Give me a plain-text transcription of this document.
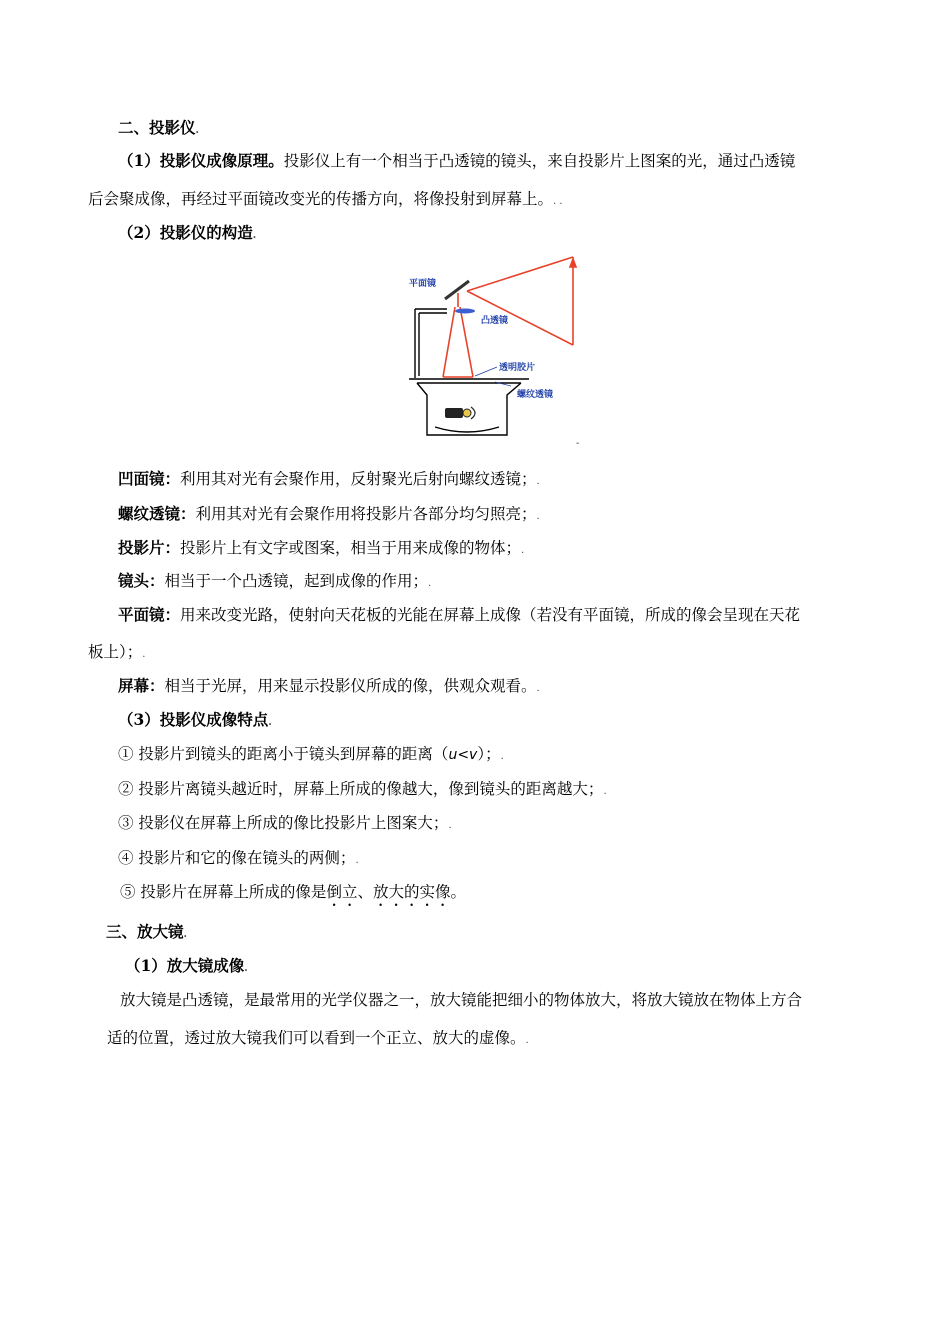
二、投影仪.
（1）投影仪成像原理。投影仪上有一个相当于凸透镜的镜头，来自投影片上图案的光，通过凸透镜
后会聚成像，再经过平面镜改变光的传播方向，将像投射到屏幕上。. .
（2）投影仪的构造.
平面镜
凸透镜
透明胶片
螺纹透镜
-
凹面镜：利用其对光有会聚作用，反射聚光后射向螺纹透镜；.
螺纹透镜：利用其对光有会聚作用将投影片各部分均匀照亮；.
投影片：投影片上有文字或图案，相当于用来成像的物体；.
镜头：相当于一个凸透镜，起到成像的作用；.
平面镜：用来改变光路，使射向天花板的光能在屏幕上成像（若没有平面镜，所成的像会呈现在天花
板上）；.
屏幕：相当于光屏，用来显示投影仪所成的像，供观众观看。.
（3）投影仪成像特点.
① 投影片到镜头的距离小于镜头到屏幕的距离（u<v）；.
② 投影片离镜头越近时，屏幕上所成的像越大，像到镜头的距离越大；.
③ 投影仪在屏幕上所成的像比投影片上图案大；.
④ 投影片和它的像在镜头的两侧；.
⑤ 投影片在屏幕上所成的像是倒立、放大的实像。
三、放大镜.
（1）放大镜成像.
放大镜是凸透镜，是最常用的光学仪器之一，放大镜能把细小的物体放大，将放大镜放在物体上方合
适的位置，透过放大镜我们可以看到一个正立、放大的虚像。.
